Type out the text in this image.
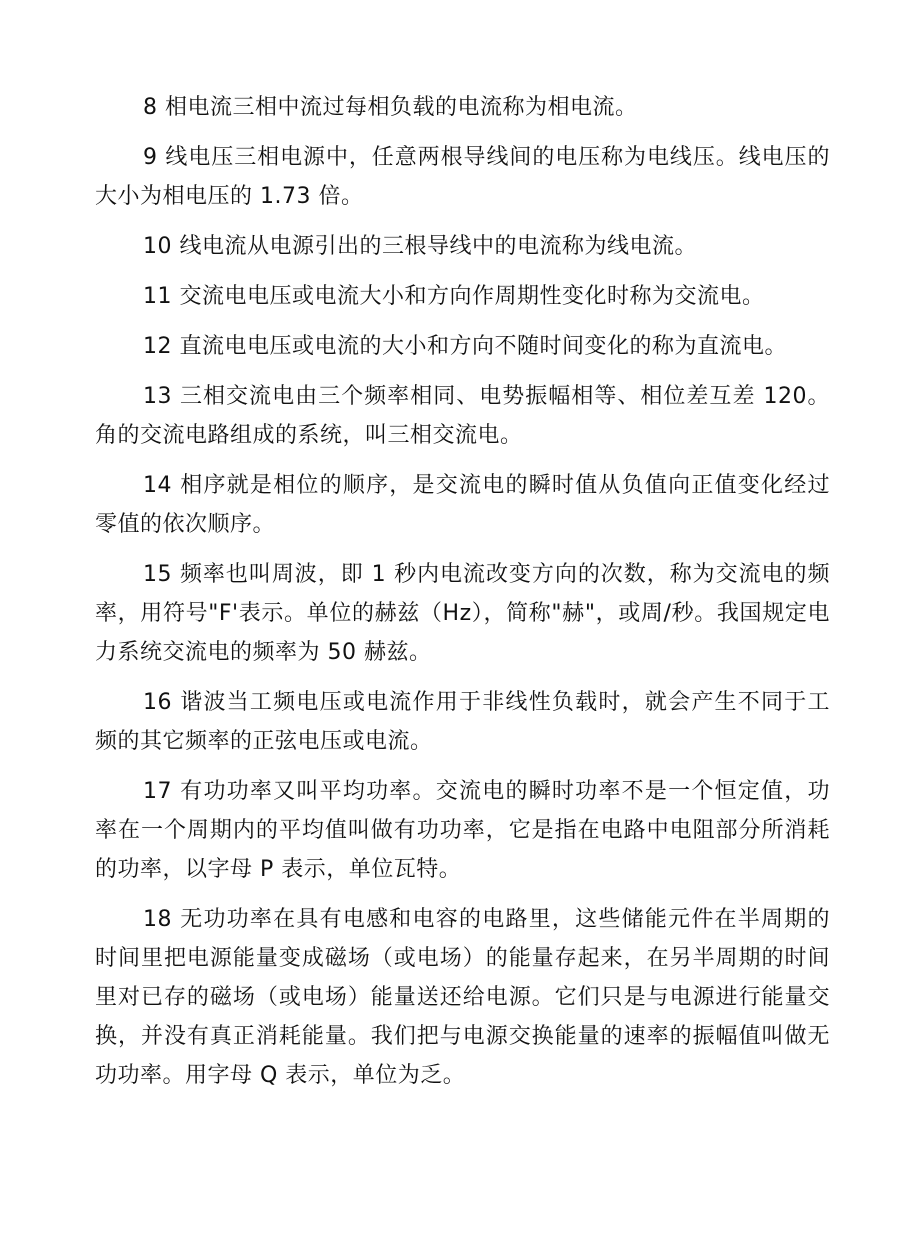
8 相电流三相中流过每相负载的电流称为相电流。

9 线电压三相电源中，任意两根导线间的电压称为电线压。线电压的大小为相电压的 1.73 倍。

10 线电流从电源引出的三根导线中的电流称为线电流。

11 交流电电压或电流大小和方向作周期性变化时称为交流电。

12 直流电电压或电流的大小和方向不随时间变化的称为直流电。

13 三相交流电由三个频率相同、电势振幅相等、相位差互差 120。角的交流电路组成的系统，叫三相交流电。

14 相序就是相位的顺序，是交流电的瞬时值从负值向正值变化经过零值的依次顺序。

15 频率也叫周波，即 1 秒内电流改变方向的次数，称为交流电的频率，用符号"F'表示。单位的赫兹（Hz），简称"赫"，或周/秒。我国规定电力系统交流电的频率为 50 赫兹。

16 谐波当工频电压或电流作用于非线性负载时，就会产生不同于工频的其它频率的正弦电压或电流。

17 有功功率又叫平均功率。交流电的瞬时功率不是一个恒定值，功率在一个周期内的平均值叫做有功功率，它是指在电路中电阻部分所消耗的功率，以字母 P 表示，单位瓦特。

18 无功功率在具有电感和电容的电路里，这些储能元件在半周期的时间里把电源能量变成磁场（或电场）的能量存起来，在另半周期的时间里对已存的磁场（或电场）能量送还给电源。它们只是与电源进行能量交换，并没有真正消耗能量。我们把与电源交换能量的速率的振幅值叫做无功功率。用字母 Q 表示，单位为乏。
